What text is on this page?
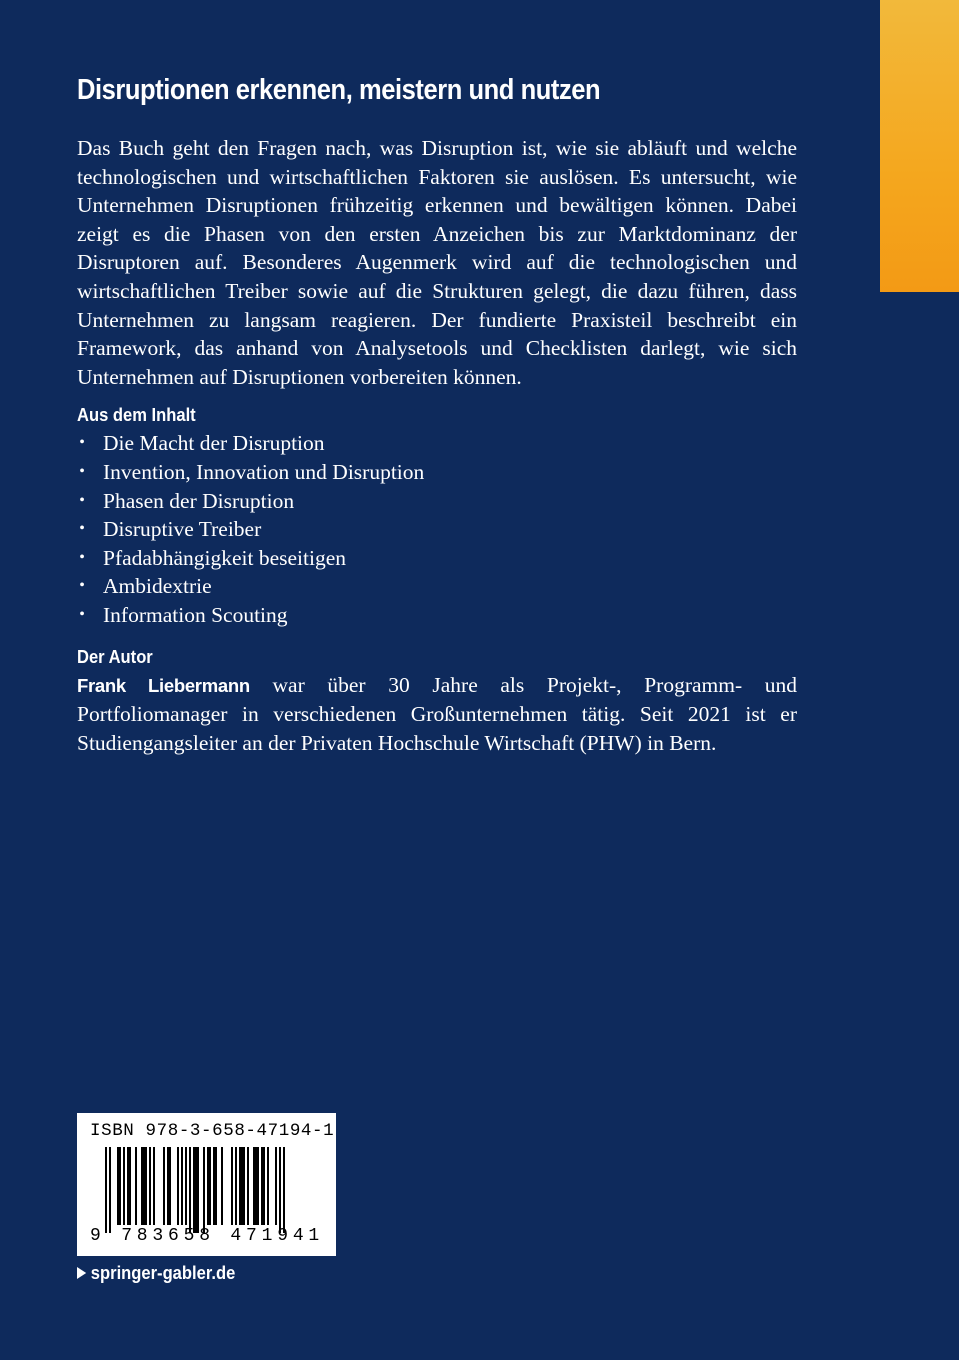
Disruptionen erkennen, meistern und nutzen

Das Buch geht den Fragen nach, was Disruption ist, wie sie abläuft und welche technologischen und wirtschaftlichen Faktoren sie auslösen. Es untersucht, wie Unternehmen Disruptionen frühzeitig erkennen und bewältigen können. Dabei zeigt es die Phasen von den ersten Anzeichen bis zur Marktdominanz der Disruptoren auf. Besonderes Augenmerk wird auf die technologischen und wirtschaftlichen Treiber sowie auf die Strukturen gelegt, die dazu führen, dass Unternehmen zu langsam reagieren. Der fundierte Praxisteil beschreibt ein Framework, das anhand von Analysetools und Checklisten darlegt, wie sich Unternehmen auf Disruptionen vorbereiten können.

Aus dem Inhalt
• Die Macht der Disruption
• Invention, Innovation und Disruption
• Phasen der Disruption
• Disruptive Treiber
• Pfadabhängigkeit beseitigen
• Ambidextrie
• Information Scouting
Der Autor

Frank Liebermann war über 30 Jahre als Projekt-, Programm- und Portfoliomanager in verschiedenen Großunternehmen tätig. Seit 2021 ist er Studiengangsleiter an der Privaten Hochschule Wirtschaft (PHW) in Bern.

ISBN 978-3-658-47194-1
9 783658 471941
springer-gabler.de
